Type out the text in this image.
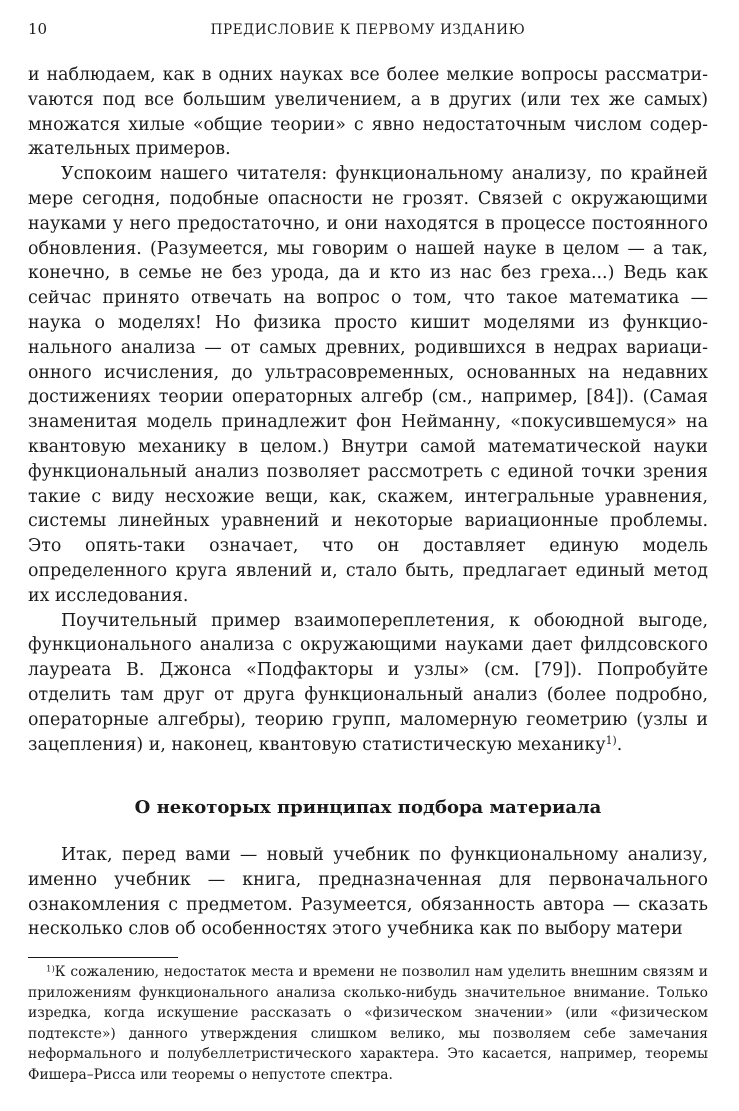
10	ПРЕДИСЛОВИЕ К ПЕРВОМУ ИЗДАНИЮ

и наблюдаем, как в одних науках все более мелкие вопросы рассматриvаются под все большим увеличением, а в других (или тех же самых) множатся хилые «общие теории» с явно недостаточным числом содержательных примеров.

Успокоим нашего читателя: функциональному анализу, по крайней мере сегодня, подобные опасности не грозят. Связей с окружающими науками у него предостаточно, и они находятся в процессе постоянного обновления. (Разумеется, мы говорим о нашей науке в целом — а так, конечно, в семье не без урода, да и кто из нас без греха...) Ведь как сейчас принято отвечать на вопрос о том, что такое математика — наука о моделях! Но физика просто кишит моделями из функционального анализа — от самых древних, родившихся в недрах вариационного исчисления, до ультрасовременных, основанных на недавних достижениях теории операторных алгебр (см., например, [84]). (Самая знаменитая модель принадлежит фон Нейманну, «покусившемуся» на квантовую механику в целом.) Внутри самой математической науки функциональный анализ позволяет рассмотреть с единой точки зрения такие с виду несхожие вещи, как, скажем, интегральные уравнения, системы линейных уравнений и некоторые вариационные проблемы. Это опять-таки означает, что он доставляет единую модель определенного круга явлений и, стало быть, предлагает единый метод их исследования.

Поучительный пример взаимопереплетения, к обоюдной выгоде, функционального анализа с окружающими науками дает филдсовского лауреата В. Джонса «Подфакторы и узлы» (см. [79]). Попробуйте отделить там друг от друга функциональный анализ (более подробно, операторные алгебры), теорию групп, маломерную геометрию (узлы и зацепления) и, наконец, квантовую статистическую механику$^{1)}$.

О некоторых принципах подбора материала

Итак, перед вами — новый учебник по функциональному анализу, именно учебник — книга, предназначенная для первоначального ознакомления с предметом. Разумеется, обязанность автора — сказать несколько слов об особенностях этого учебника как по выбору матери

$^{1)}$К сожалению, недостаток места и времени не позволил нам уделить внешним связям и приложениям функционального анализа сколько-нибудь значительное внимание. Только изредка, когда искушение рассказать о «физическом значении» (или «физическом подтексте») данного утверждения слишком велико, мы позволяем себе замечания неформального и полубеллетристического характера. Это касается, например, теоремы Фишера–Рисса или теоремы о непустоте спектра.
